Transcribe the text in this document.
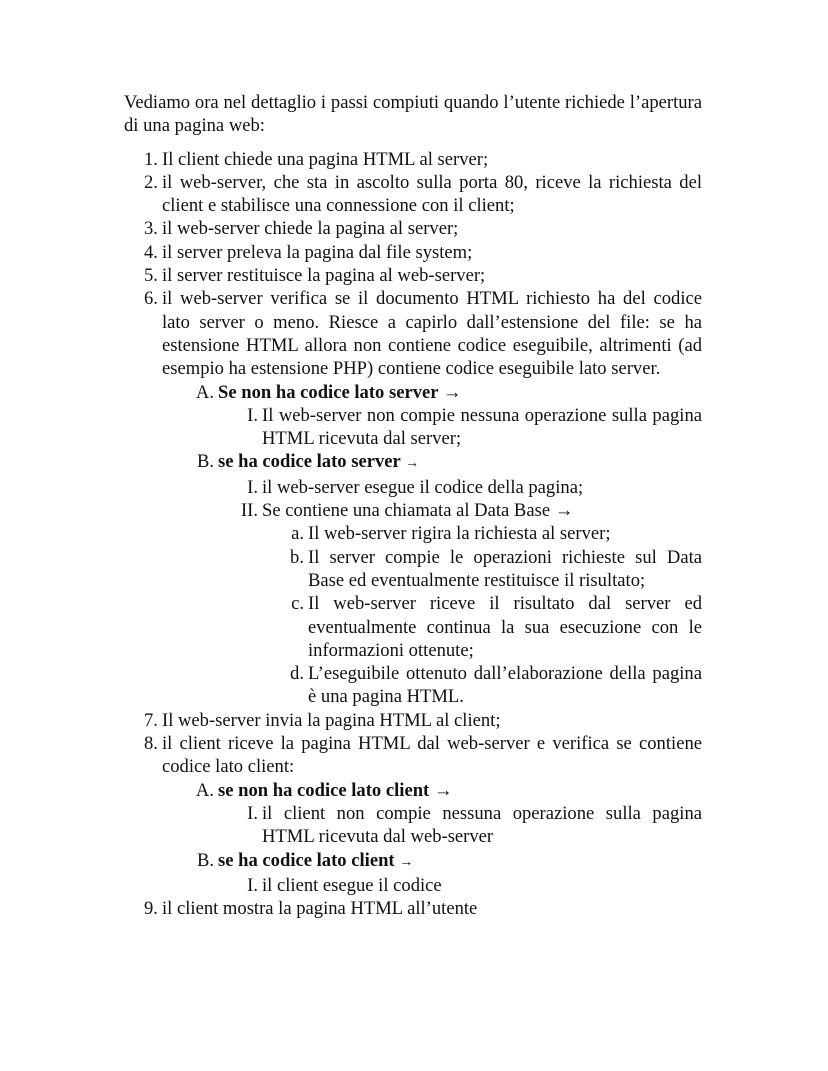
Vediamo ora nel dettaglio i passi compiuti quando l’utente richiede l’apertura di una pagina web:

1. Il client chiede una pagina HTML al server;
2. il web-server, che sta in ascolto sulla porta 80, riceve la richiesta del client e stabilisce una connessione con il client;
3. il web-server chiede la pagina al server;
4. il server preleva la pagina dal file system;
5. il server restituisce la pagina al web-server;
6. il web-server verifica se il documento HTML richiesto ha del codice lato server o meno. Riesce a capirlo dall’estensione del file: se ha estensione HTML allora non contiene codice eseguibile, altrimenti (ad esempio ha estensione PHP) contiene codice eseguibile lato server.
A. Se non ha codice lato server →
I. Il web-server non compie nessuna operazione sulla pagina HTML ricevuta dal server;
B. se ha codice lato server →
I. il web-server esegue il codice della pagina;
II. Se contiene una chiamata al Data Base →
a. Il web-server rigira la richiesta al server;
b. Il server compie le operazioni richieste sul Data Base ed eventualmente restituisce il risultato;
c. Il web-server riceve il risultato dal server ed eventualmente continua la sua esecuzione con le informazioni ottenute;
d. L’eseguibile ottenuto dall’elaborazione della pagina è una pagina HTML.
7. Il web-server invia la pagina HTML al client;
8. il client riceve la pagina HTML dal web-server e verifica se contiene codice lato client:
A. se non ha codice lato client →
I. il client non compie nessuna operazione sulla pagina HTML ricevuta dal web-server
B. se ha codice lato client →
I. il client esegue il codice
9. il client mostra la pagina HTML all’utente
